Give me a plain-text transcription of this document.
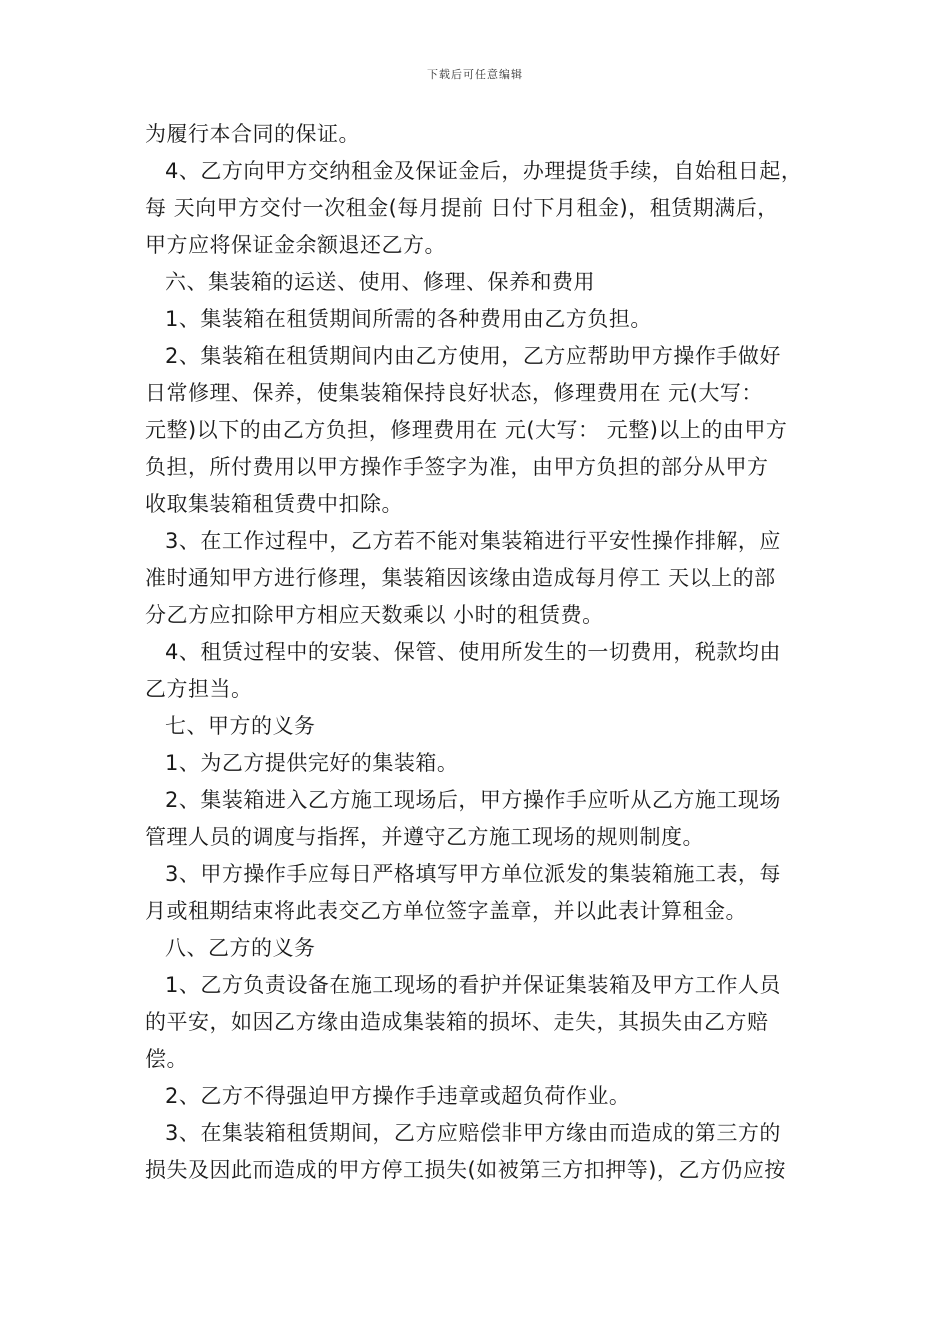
下载后可任意编辑
为履行本合同的保证。
4、乙方向甲方交纳租金及保证金后，办理提货手续，自始租日起，
每 天向甲方交付一次租金(每月提前 日付下月租金)，租赁期满后，
甲方应将保证金余额退还乙方。
六、集装箱的运送、使用、修理、保养和费用
1、集装箱在租赁期间所需的各种费用由乙方负担。
2、集装箱在租赁期间内由乙方使用，乙方应帮助甲方操作手做好
日常修理、保养，使集装箱保持良好状态，修理费用在 元(大写：
元整)以下的由乙方负担，修理费用在 元(大写： 元整)以上的由甲方
负担，所付费用以甲方操作手签字为准，由甲方负担的部分从甲方
收取集装箱租赁费中扣除。
3、在工作过程中，乙方若不能对集装箱进行平安性操作排解，应
准时通知甲方进行修理，集装箱因该缘由造成每月停工 天以上的部
分乙方应扣除甲方相应天数乘以 小时的租赁费。
4、租赁过程中的安装、保管、使用所发生的一切费用，税款均由
乙方担当。
七、甲方的义务
1、为乙方提供完好的集装箱。
2、集装箱进入乙方施工现场后，甲方操作手应听从乙方施工现场
管理人员的调度与指挥，并遵守乙方施工现场的规则制度。
3、甲方操作手应每日严格填写甲方单位派发的集装箱施工表，每
月或租期结束将此表交乙方单位签字盖章，并以此表计算租金。
八、乙方的义务
1、乙方负责设备在施工现场的看护并保证集装箱及甲方工作人员
的平安，如因乙方缘由造成集装箱的损坏、走失，其损失由乙方赔
偿。
2、乙方不得强迫甲方操作手违章或超负荷作业。
3、在集装箱租赁期间，乙方应赔偿非甲方缘由而造成的第三方的
损失及因此而造成的甲方停工损失(如被第三方扣押等)，乙方仍应按
